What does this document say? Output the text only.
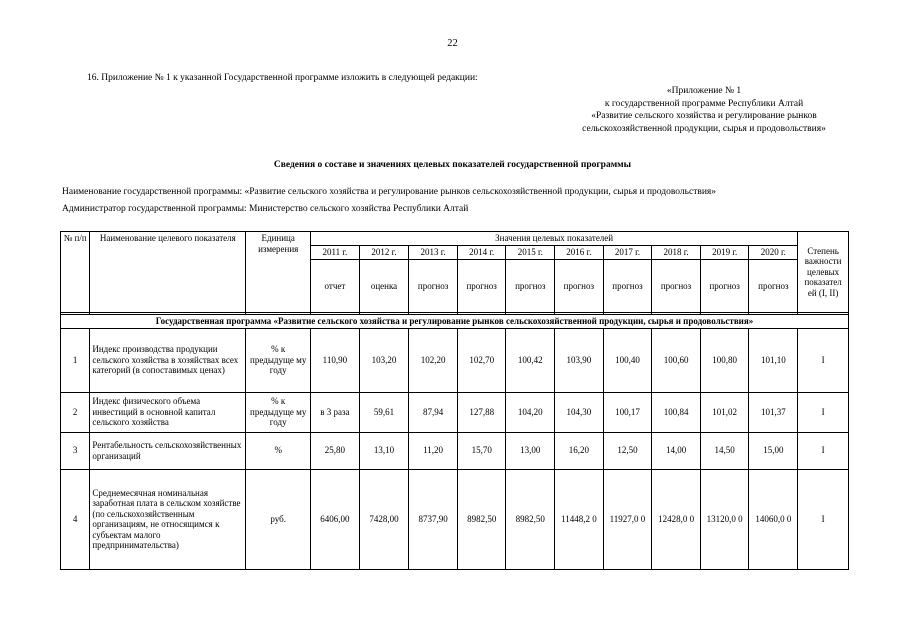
22
16. Приложение № 1 к указанной Государственной программе изложить в следующей редакции:
«Приложение № 1
к государственной программе Республики Алтай
«Развитие сельского хозяйства и регулирование рынков
сельскохозяйственной продукции, сырья и продовольствия»
Сведения о составе и значениях целевых показателей государственной программы
Наименование государственной программы: «Развитие сельского хозяйства и регулирование рынков сельскохозяйственной продукции, сырья и продовольствия»
Администратор государственной программы: Министерство сельского хозяйства Республики Алтай
№ п/п	Наименование целевого показателя	Единица измерения	Значения целевых показателей										Степень важности целевых показател ей (I, II)
			2011 г.	2012 г.	2013 г.	2014 г.	2015 г.	2016 г.	2017 г.	2018 г.	2019 г.	2020 г.	
			отчет	оценка	прогноз	прогноз	прогноз	прогноз	прогноз	прогноз	прогноз	прогноз	

Государственная программа «Развитие сельского хозяйства и регулирование рынков сельскохозяйственной продукции, сырья и продовольствия»													
1	Индекс производства продукции сельского хозяйства в хозяйствах всех категорий (в сопоставимых ценах)	% к предыдуще му году	110,90	103,20	102,20	102,70	100,42	103,90	100,40	100,60	100,80	101,10	I
2	Индекс физического объема инвестиций в основной капитал сельского хозяйства	% к предыдуще му году	в 3 раза	59,61	87,94	127,88	104,20	104,30	100,17	100,84	101,02	101,37	I
3	Рентабельность сельскохозяйственных организаций	%	25,80	13,10	11,20	15,70	13,00	16,20	12,50	14,00	14,50	15,00	I
4	Среднемесячная номинальная заработная плата в сельском хозяйстве (по сельскохозяйственным организациям, не относящимся к субъектам малого предпринимательства)	руб.	6406,00	7428,00	8737,90	8982,50	8982,50	11448,2 0	11927,0 0	12428,0 0	13120,0 0	14060,0 0	I
